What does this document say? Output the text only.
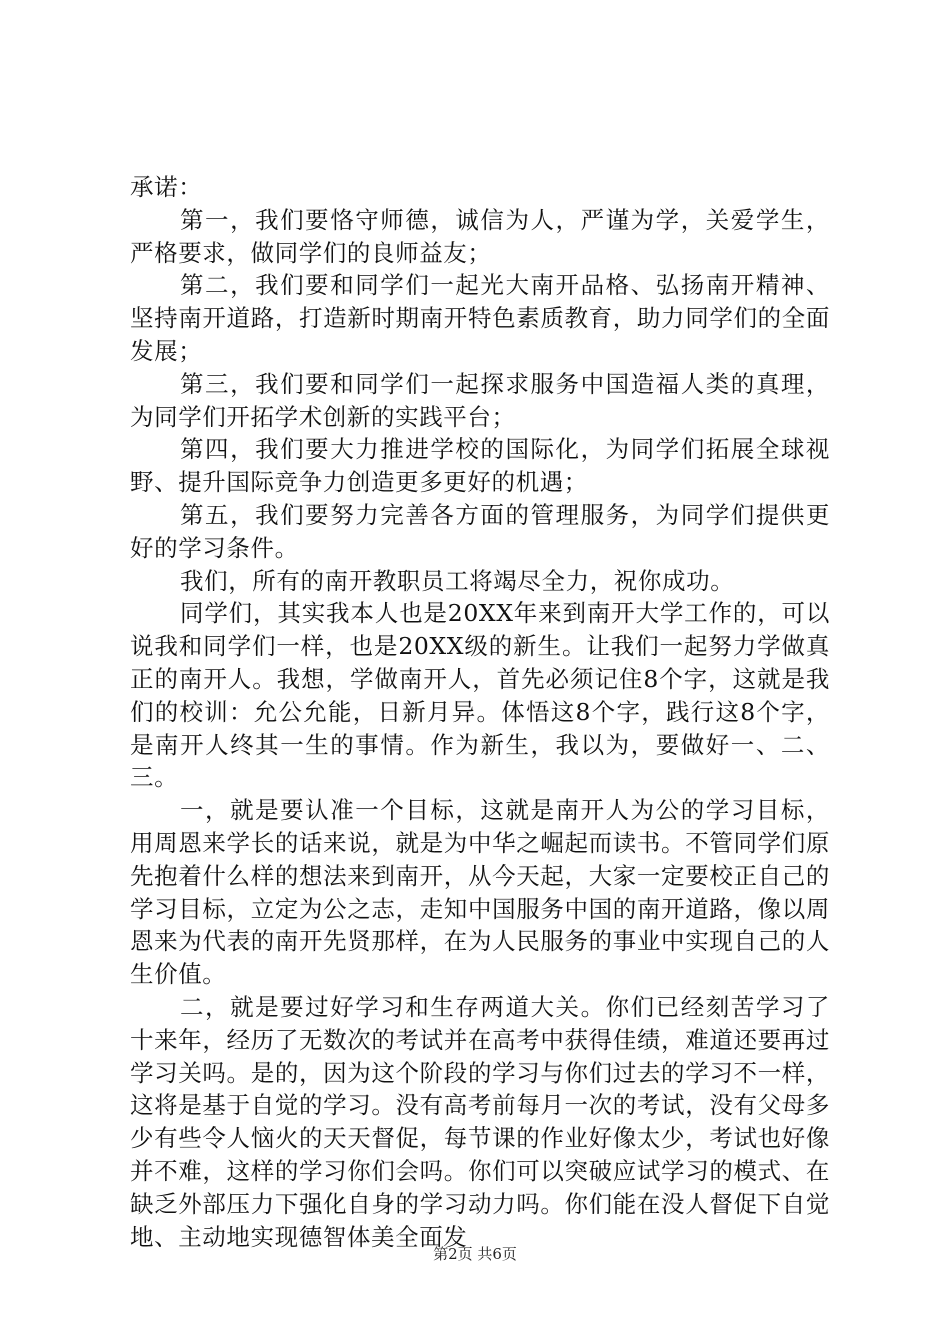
承诺：

第一，我们要恪守师德，诚信为人，严谨为学，关爱学生，严格要求，做同学们的良师益友；

第二，我们要和同学们一起光大南开品格、弘扬南开精神、坚持南开道路，打造新时期南开特色素质教育，助力同学们的全面发展；

第三，我们要和同学们一起探求服务中国造福人类的真理，为同学们开拓学术创新的实践平台；

第四，我们要大力推进学校的国际化，为同学们拓展全球视野、提升国际竞争力创造更多更好的机遇；

第五，我们要努力完善各方面的管理服务，为同学们提供更好的学习条件。

我们，所有的南开教职员工将竭尽全力，祝你成功。

同学们，其实我本人也是20XX年来到南开大学工作的，可以说我和同学们一样，也是20XX级的新生。让我们一起努力学做真正的南开人。我想，学做南开人，首先必须记住8个字，这就是我们的校训：允公允能，日新月异。体悟这8个字，践行这8个字，是南开人终其一生的事情。作为新生，我以为，要做好一、二、三。

一，就是要认准一个目标，这就是南开人为公的学习目标，用周恩来学长的话来说，就是为中华之崛起而读书。不管同学们原先抱着什么样的想法来到南开，从今天起，大家一定要校正自己的学习目标，立定为公之志，走知中国服务中国的南开道路，像以周恩来为代表的南开先贤那样，在为人民服务的事业中实现自己的人生价值。

二，就是要过好学习和生存两道大关。你们已经刻苦学习了十来年，经历了无数次的考试并在高考中获得佳绩，难道还要再过学习关吗。是的，因为这个阶段的学习与你们过去的学习不一样，这将是基于自觉的学习。没有高考前每月一次的考试，没有父母多少有些令人恼火的天天督促，每节课的作业好像太少，考试也好像并不难，这样的学习你们会吗。你们可以突破应试学习的模式、在缺乏外部压力下强化自身的学习动力吗。你们能在没人督促下自觉地、主动地实现德智体美全面发

第2页 共6页
